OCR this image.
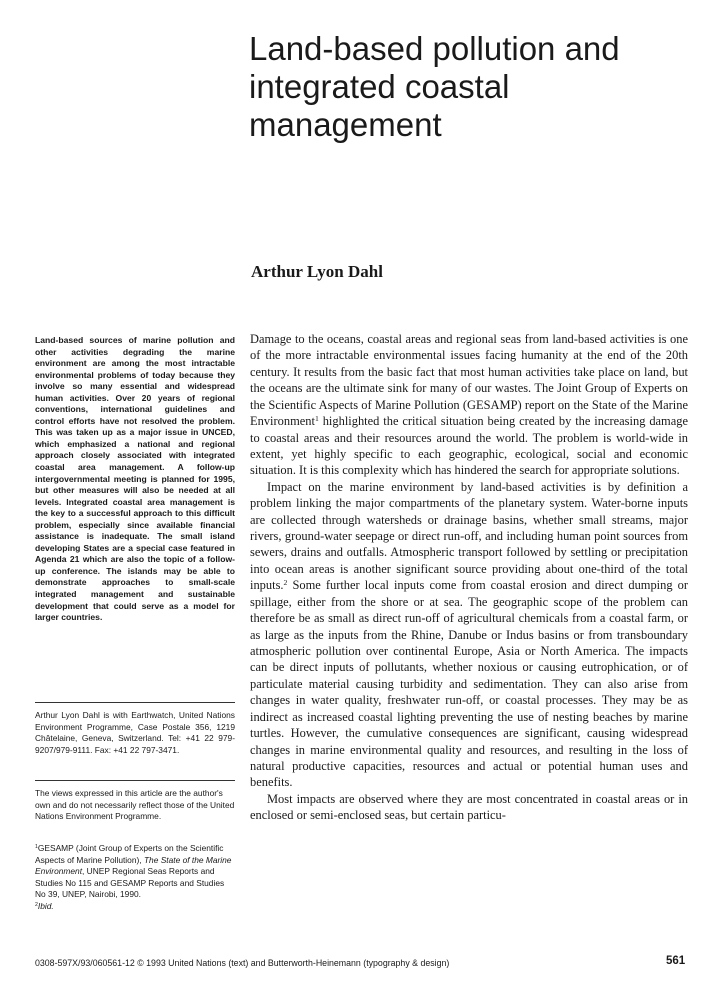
Land-based pollution and integrated coastal management
Arthur Lyon Dahl

Land-based sources of marine pollution and other activities degrading the marine environment are among the most intractable environmental problems of today because they involve so many essential and widespread human activities. Over 20 years of regional conventions, international guidelines and control efforts have not resolved the problem. This was taken up as a major issue in UNCED, which emphasized a national and regional approach closely associated with integrated coastal area management. A follow-up intergovernmental meeting is planned for 1995, but other measures will also be needed at all levels. Integrated coastal area management is the key to a successful approach to this difficult problem, especially since available financial assistance is inadequate. The small island developing States are a special case featured in Agenda 21 which are also the topic of a follow-up conference. The islands may be able to demonstrate approaches to small-scale integrated management and sustainable development that could serve as a model for larger countries.

Arthur Lyon Dahl is with Earthwatch, United Nations Environment Programme, Case Postale 356, 1219 Châtelaine, Geneva, Switzerland. Tel: +41 22 979-9207/979-9111. Fax: +41 22 797-3471.

The views expressed in this article are the author's own and do not necessarily reflect those of the United Nations Environment Programme.

$^1$GESAMP (Joint Group of Experts on the Scientific Aspects of Marine Pollution), The State of the Marine Environment, UNEP Regional Seas Reports and Studies No 115 and GESAMP Reports and Studies No 39, UNEP, Nairobi, 1990.

$^2$Ibid.

Damage to the oceans, coastal areas and regional seas from land-based activities is one of the more intractable environmental issues facing humanity at the end of the 20th century. It results from the basic fact that most human activities take place on land, but the oceans are the ultimate sink for many of our wastes. The Joint Group of Experts on the Scientific Aspects of Marine Pollution (GESAMP) report on the State of the Marine Environment$^1$ highlighted the critical situation being created by the increasing damage to coastal areas and their resources around the world. The problem is world-wide in extent, yet highly specific to each geographic, ecological, social and economic situation. It is this complexity which has hindered the search for appropriate solutions.

Impact on the marine environment by land-based activities is by definition a problem linking the major compartments of the planetary system. Water-borne inputs are collected through watersheds or drainage basins, whether small streams, major rivers, ground-water seepage or direct run-off, and including human point sources from sewers, drains and outfalls. Atmospheric transport followed by settling or precipitation into ocean areas is another significant source providing about one-third of the total inputs.$^2$ Some further local inputs come from coastal erosion and direct dumping or spillage, either from the shore or at sea. The geographic scope of the problem can therefore be as small as direct run-off of agricultural chemicals from a coastal farm, or as large as the inputs from the Rhine, Danube or Indus basins or from transboundary atmospheric pollution over continental Europe, Asia or North America. The impacts can be direct inputs of pollutants, whether noxious or causing eutrophication, or of particulate material causing turbidity and sedimentation. They can also arise from changes in water quality, freshwater run-off, or coastal processes. They may be as indirect as increased coastal lighting preventing the use of nesting beaches by marine turtles. However, the cumulative consequences are significant, causing widespread changes in marine environmental quality and resources, and resulting in the loss of natural productive capacities, resources and actual or potential human uses and benefits.

Most impacts are observed where they are most concentrated in coastal areas or in enclosed or semi-enclosed seas, but certain particu-

0308-597X/93/060561-12 © 1993 United Nations (text) and Butterworth-Heinemann (typography & design)	561
